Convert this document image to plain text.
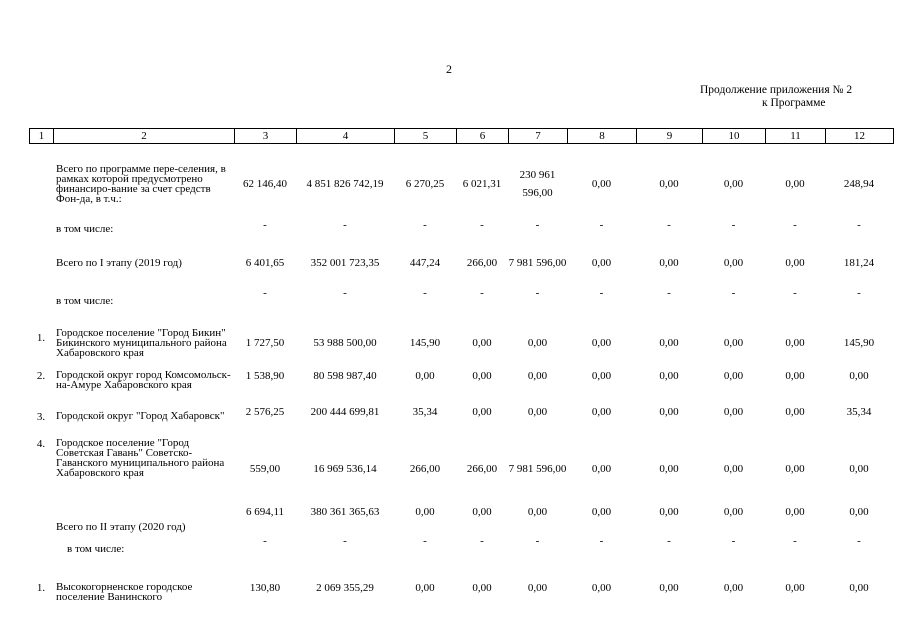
2
Продолжение приложения № 2
к Программе
1	2	3	4	5	6	7	8	9	10	11	12
	Всего по программе пере-селения, в рамках которой предусмотрено финансиро-вание за счет средств Фон-да, в т.ч.:	62 146,40	4 851 826 742,19	6 270,25	6 021,31	230 961 596,00	0,00	0,00	0,00	0,00	248,94
	в том числе:	-	-	-	-	-	-	-	-	-	-
	Всего по I этапу (2019 год)	6 401,65	352 001 723,35	447,24	266,00	7 981 596,00	0,00	0,00	0,00	0,00	181,24
	в том числе:	-	-	-	-	-	-	-	-	-	-
1.	Городское поселение "Город Бикин" Бикинского муниципального района Хабаровского края	1 727,50	53 988 500,00	145,90	0,00	0,00	0,00	0,00	0,00	0,00	145,90
2.	Городской округ город Комсомольск-на-Амуре Хабаровского края	1 538,90	80 598 987,40	0,00	0,00	0,00	0,00	0,00	0,00	0,00	0,00
3.	Городской округ "Город Хабаровск"	2 576,25	200 444 699,81	35,34	0,00	0,00	0,00	0,00	0,00	0,00	35,34
4.	Городское поселение "Город Советская Гавань" Советско-Гаванского муниципального района Хабаровского края	559,00	16 969 536,14	266,00	266,00	7 981 596,00	0,00	0,00	0,00	0,00	0,00
	Всего по II этапу (2020 год)	6 694,11	380 361 365,63	0,00	0,00	0,00	0,00	0,00	0,00	0,00	0,00
	в том числе:	-	-	-	-	-	-	-	-	-	-
1.	Высокогорненское городское поселение Ванинского	130,80	2 069 355,29	0,00	0,00	0,00	0,00	0,00	0,00	0,00	0,00
